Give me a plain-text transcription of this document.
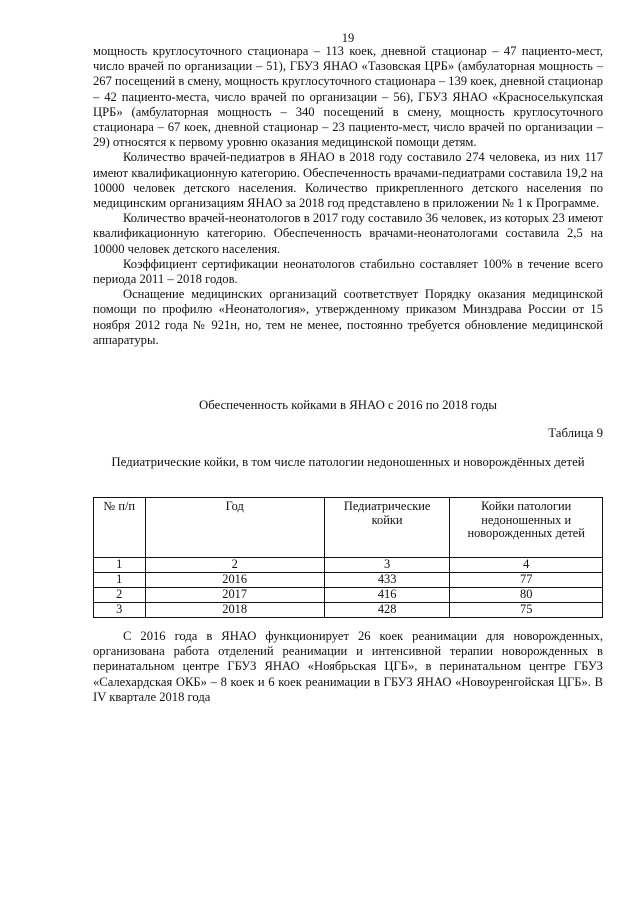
19

мощность круглосуточного стационара – 113 коек, дневной стационар – 47 пациенто-мест, число врачей по организации – 51), ГБУЗ ЯНАО «Тазовская ЦРБ» (амбулаторная мощность – 267 посещений в смену, мощность круглосуточного стационара – 139 коек, дневной стационар – 42 пациенто-места, число врачей по организации – 56), ГБУЗ ЯНАО «Красноселькупская ЦРБ» (амбулаторная мощность – 340 посещений в смену, мощность круглосуточного стационара – 67 коек, дневной стационар – 23 пациенто-мест, число врачей по организации – 29) относятся к первому уровню оказания медицинской помощи детям.

Количество врачей-педиатров в ЯНАО в 2018 году составило 274 человека, из них 117 имеют квалификационную категорию. Обеспеченность врачами-педиатрами составила 19,2 на 10000 человек детского населения. Количество прикрепленного детского населения по медицинским организациям ЯНАО за 2018 год представлено в приложении № 1 к Программе.

Количество врачей-неонатологов в 2017 году составило 36 человек, из которых 23 имеют квалификационную категорию. Обеспеченность врачами-неонатологами составила 2,5 на 10000 человек детского населения.

Коэффициент сертификации неонатологов стабильно составляет 100% в течение всего периода 2011 – 2018 годов.

Оснащение медицинских организаций соответствует Порядку оказания медицинской помощи по профилю «Неонатология», утвержденному приказом Минздрава России от 15 ноября 2012 года № 921н, но, тем не менее, постоянно требуется обновление медицинской аппаратуры.

Обеспеченность койками в ЯНАО с 2016 по 2018 годы
Таблица 9
Педиатрические койки, в том числе патологии недоношенных и новорождённых детей
№ п/п	Год	Педиатрические койки	Койки патологии недоношенных и новорожденных детей
1	2	3	4
1	2016	433	77
2	2017	416	80
3	2018	428	75

С 2016 года в ЯНАО функционирует 26 коек реанимации для новорожденных, организована работа отделений реанимации и интенсивной терапии новорожденных в перинатальном центре ГБУЗ ЯНАО «Ноябрьская ЦГБ», в перинатальном центре ГБУЗ «Салехардская ОКБ» – 8 коек и 6 коек реанимации в ГБУЗ ЯНАО «Новоуренгойская ЦГБ». В IV квартале 2018 года
